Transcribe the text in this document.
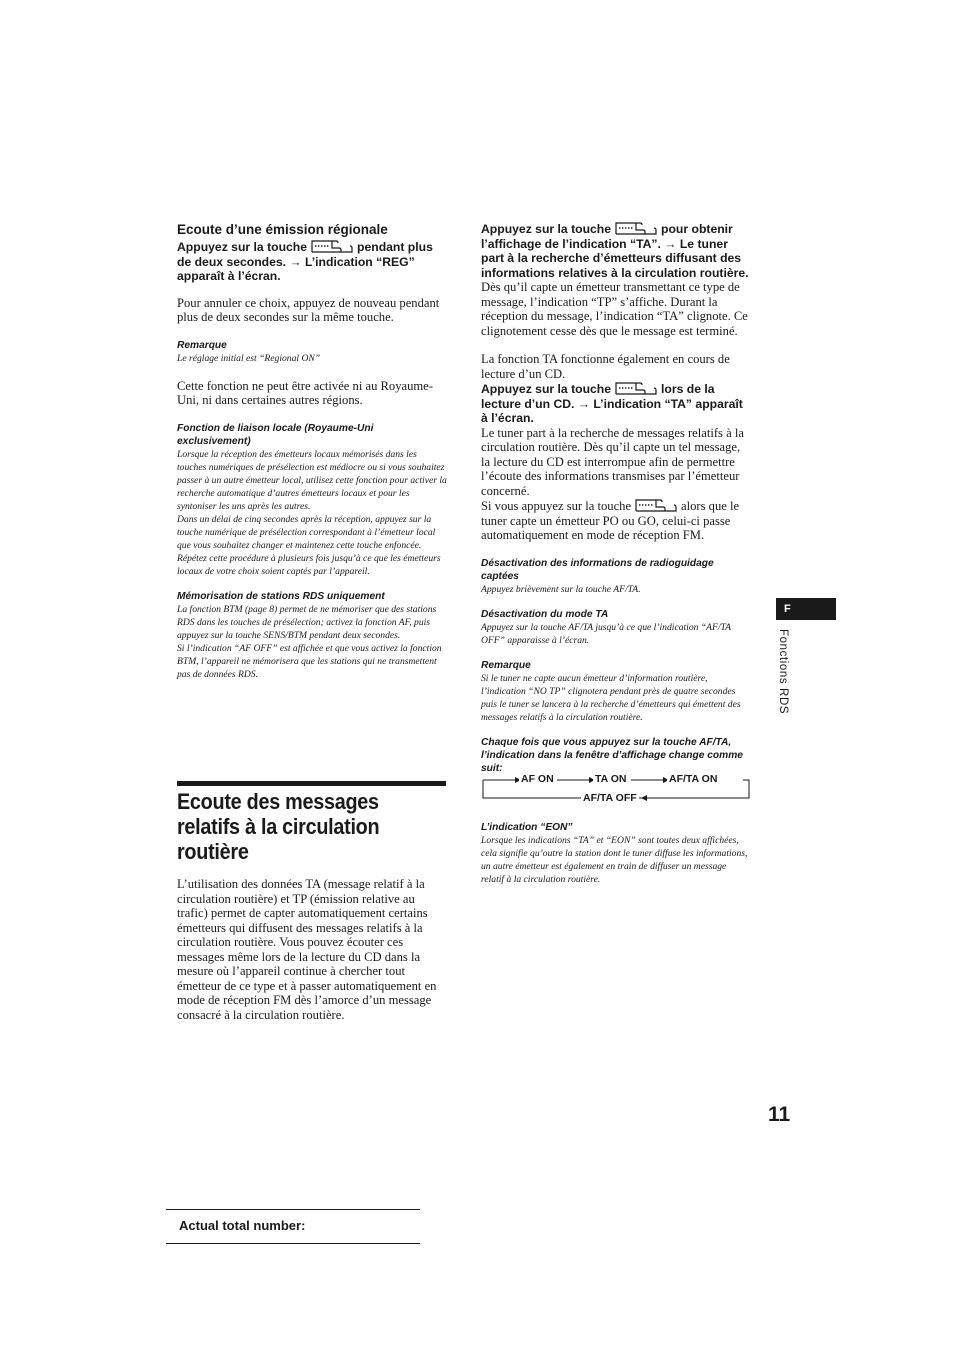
Ecoute d’une émission régionale

Appuyez sur la touche	pendant plus de deux secondes. → L’indication “REG” apparaît à l’écran.

Pour annuler ce choix, appuyez de nouveau pendant plus de deux secondes sur la même touche.

Remarque

Le réglage initial est “Regional ON”

Cette fonction ne peut être activée ni au Royaume-Uni, ni dans certaines autres régions.

Fonction de liaison locale (Royaume-Uni exclusivement)

Lorsque la réception des émetteurs locaux mémorisés dans les touches numériques de présélection est médiocre ou si vous souhaitez passer à un autre émetteur local, utilisez cette fonction pour activer la recherche automatique d’autres émetteurs locaux et pour les syntoniser les uns après les autres.

Dans un délai de cinq secondes après la réception, appuyez sur la touche numérique de présélection correspondant à l’émetteur local que vous souhaitez changer et maintenez cette touche enfoncée. Répétez cette procédure à plusieurs fois jusqu’à ce que les émetteurs locaux de votre choix soient captés par l’appareil.

Mémorisation de stations RDS uniquement

La fonction BTM (page 8) permet de ne mémoriser que des stations RDS dans les touches de présélection; activez la fonction AF, puis appuyez sur la touche SENS/BTM pendant deux secondes.

Si l’indication “AF OFF” est affichée et que vous activez la fonction BTM, l’appareil ne mémorisera que les stations qui ne transmettent pas de données RDS.

Ecoute des messages relatifs à la circulation routière

L’utilisation des données TA (message relatif à la circulation routière) et TP (émission relative au trafic) permet de capter automatiquement certains émetteurs qui diffusent des messages relatifs à la circulation routière. Vous pouvez écouter ces messages même lors de la lecture du CD dans la mesure où l’appareil continue à chercher tout émetteur de ce type et à passer automatiquement en mode de réception FM dès l’amorce d’un message consacré à la circulation routière.

Appuyez sur la touche	pour obtenir l’affichage de l’indication “TA”. → Le tuner part à la recherche d’émetteurs diffusant des informations relatives à la circulation routière.

Dès qu’il capte un émetteur transmettant ce type de message, l’indication “TP” s’affiche. Durant la réception du message, l’indication “TA” clignote. Ce clignotement cesse dès que le message est terminé.

La fonction TA fonctionne également en cours de lecture d’un CD.

Appuyez sur la touche	lors de la lecture d’un CD. → L’indication “TA” apparaît à l’écran.

Le tuner part à la recherche de messages relatifs à la circulation routière. Dès qu’il capte un tel message, la lecture du CD est interrompue afin de permettre l’écoute des informations transmises par l’émetteur concerné.

Si vous appuyez sur la touche	alors que le tuner capte un émetteur PO ou GO, celui-ci passe automatiquement en mode de réception FM.

Désactivation des informations de radioguidage captées

Appuyez brièvement sur la touche AF/TA.

Désactivation du mode TA

Appuyez sur la touche AF/TA jusqu’à ce que l’indication “AF/TA OFF” apparaisse à l’écran.

Remarque

Si le tuner ne capte aucun émetteur d’information routière, l’indication “NO TP” clignotera pendant près de quatre secondes puis le tuner se lancera à la recherche d’émetteurs qui émettent des messages relatifs à la circulation routière.

Chaque fois que vous appuyez sur la touche AF/TA, l’indication dans la fenêtre d’affichage change comme suit:

AF ON	TA ON	AF/TA ON
AF/TA OFF

L’indication “EON”

Lorsque les indications “TA” et “EON” sont toutes deux affichées, cela signifie qu’outre la station dont le tuner diffuse les informations, un autre émetteur est également en train de diffuser un message relatif à la circulation routière.

F
Fonctions RDS
11
Actual total number:
